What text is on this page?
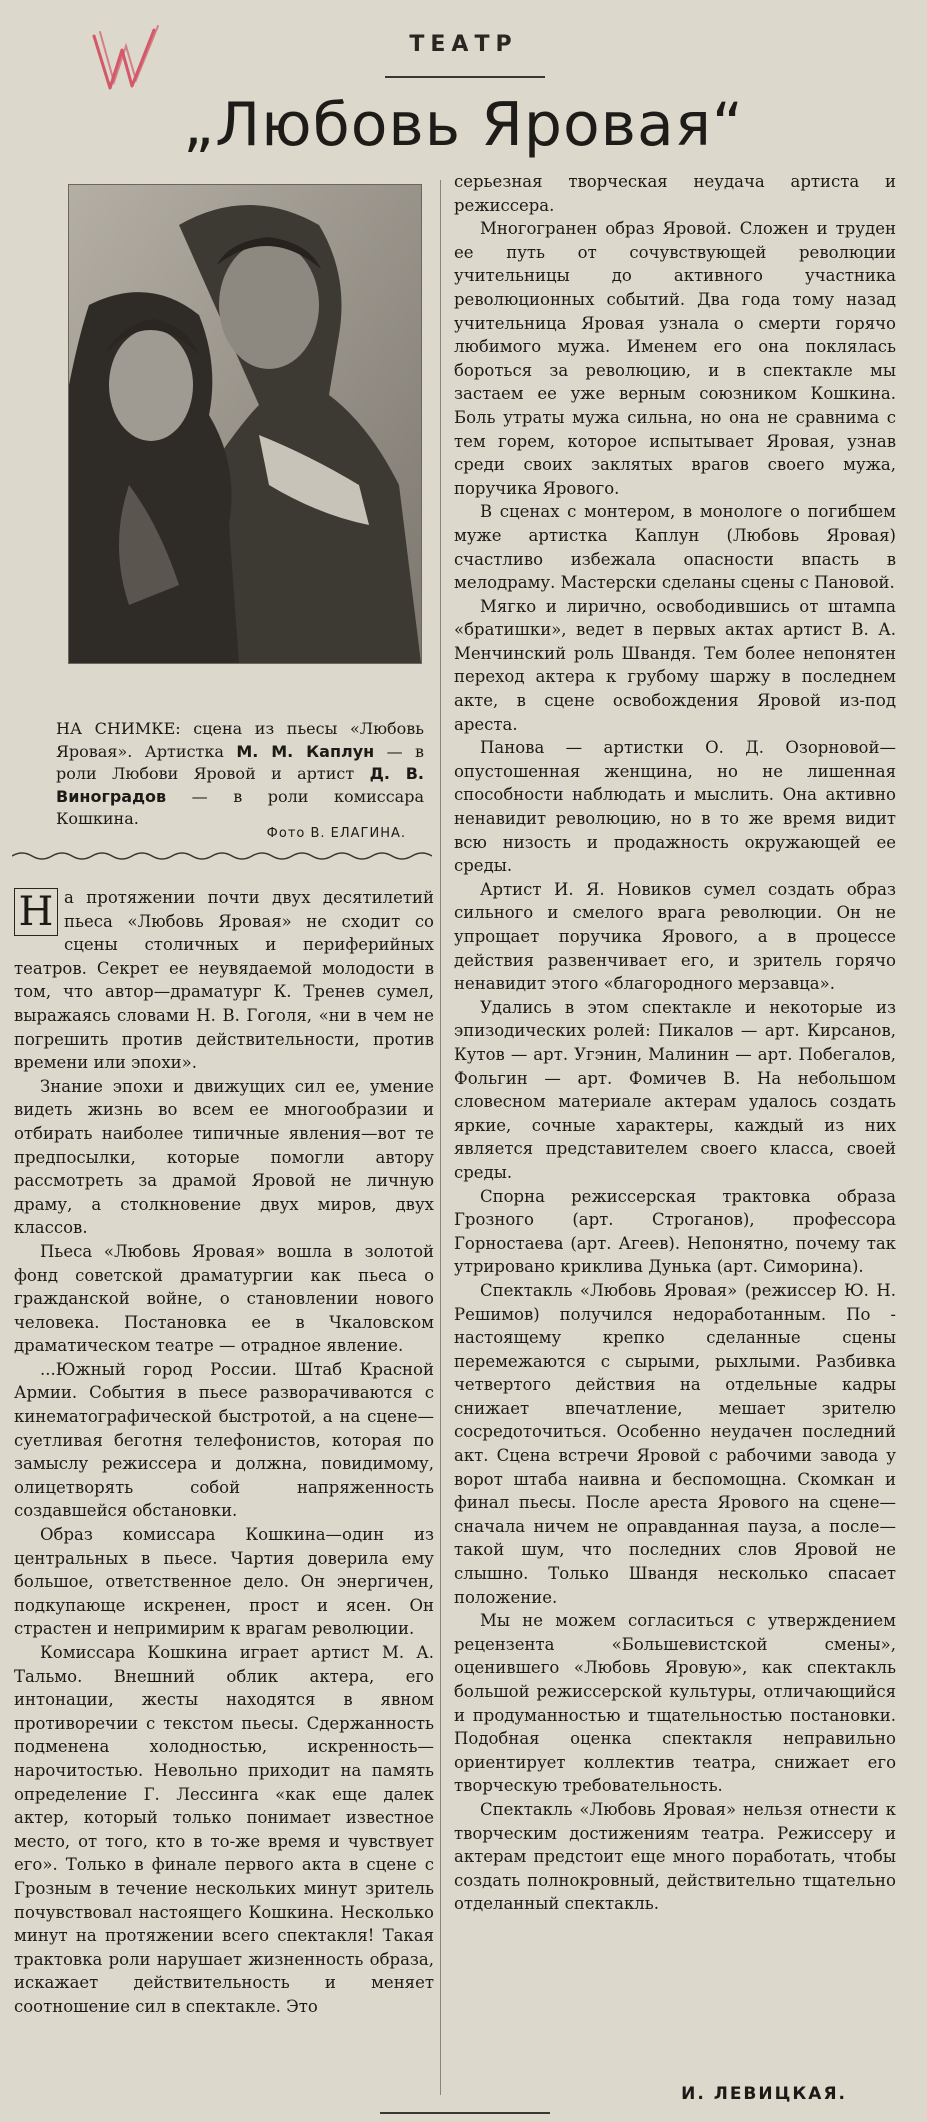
ТЕАТР
„Любовь Яровая“
НА СНИМКЕ: сцена из пьесы «Любовь Яровая». Артистка М. М. Каплун — в роли Любови Яровой и артист Д. В. Виноградов — в роли комиссара Кошкина.
Фото В. ЕЛАГИНА.

Н а протяжении почти двух десятилетий пьеса «Любовь Яровая» не сходит со сцены столичных и периферийных театров. Секрет ее неувядаемой молодости в том, что автор—драматург К. Тренев сумел, выражаясь словами Н. В. Гоголя, «ни в чем не погрешить против действительности, против времени или эпохи».

Знание эпохи и движущих сил ее, умение видеть жизнь во всем ее многообразии и отбирать наиболее типичные явления—вот те предпосылки, которые помогли автору рассмотреть за драмой Яровой не личную драму, а столкновение двух миров, двух классов.

Пьеса «Любовь Яровая» вошла в золотой фонд советской драматургии как пьеса о гражданской войне, о становлении нового человека. Постановка ее в Чкаловском драматическом театре — отрадное явление.

...Южный город России. Штаб Красной Армии. События в пьесе разворачиваются с кинематографической быстротой, а на сцене—суетливая беготня телефонистов, которая по замыслу режиссера и должна, повидимому, олицетворять собой напряженность создавшейся обстановки.

Образ комиссара Кошкина—один из центральных в пьесе. Чартия доверила ему большое, ответственное дело. Он энергичен, подкупающе искренен, прост и ясен. Он страстен и непримирим к врагам революции.

Комиссара Кошкина играет артист М. А. Тальмо. Внешний облик актера, его интонации, жесты находятся в явном противоречии с текстом пьесы. Сдержанность подменена холодностью, искренность—нарочитостью. Невольно приходит на память определение Г. Лессинга «как еще далек актер, который только понимает известное место, от того, кто в то-же время и чувствует его». Только в финале первого акта в сцене с Грозным в течение нескольких минут зритель почувствовал настоящего Кошкина. Несколько минут на протяжении всего спектакля! Такая трактовка роли нарушает жизненность образа, искажает действительность и меняет соотношение сил в спектакле. Это

серьезная творческая неудача артиста и режиссера.

Многогранен образ Яровой. Сложен и труден ее путь от сочувствующей революции учительницы до активного участника революционных событий. Два года тому назад учительница Яровая узнала о смерти горячо любимого мужа. Именем его она поклялась бороться за революцию, и в спектакле мы застаем ее уже верным союзником Кошкина. Боль утраты мужа сильна, но она не сравнима с тем горем, которое испытывает Яровая, узнав среди своих заклятых врагов своего мужа, поручика Ярового.

В сценах с монтером, в монологе о погибшем муже артистка Каплун (Любовь Яровая) счастливо избежала опасности впасть в мелодраму. Мастерски сделаны сцены с Пановой.

Мягко и лирично, освободившись от штампа «братишки», ведет в первых актах артист В. А. Менчинский роль Швандя. Тем более непонятен переход актера к грубому шаржу в последнем акте, в сцене освобождения Яровой из-под ареста.

Панова — артистки О. Д. Озорновой—опустошенная женщина, но не лишенная способности наблюдать и мыслить. Она активно ненавидит революцию, но в то же время видит всю низость и продажность окружающей ее среды.

Артист И. Я. Новиков сумел создать образ сильного и смелого врага революции. Он не упрощает поручика Ярового, а в процессе действия развенчивает его, и зритель горячо ненавидит этого «благородного мерзавца».

Удались в этом спектакле и некоторые из эпизодических ролей: Пикалов — арт. Кирсанов, Кутов — арт. Угэнин, Малинин — арт. Побегалов, Фольгин — арт. Фомичев В. На небольшом словесном материале актерам удалось создать яркие, сочные характеры, каждый из них является представителем своего класса, своей среды.

Спорна режиссерская трактовка образа Грозного (арт. Строганов), профессора Горностаева (арт. Агеев). Непонятно, почему так утрировано криклива Дунька (арт. Симорина).

Спектакль «Любовь Яровая» (режиссер Ю. Н. Решимов) получился недоработанным. По - настоящему крепко сделанные сцены перемежаются с сырыми, рыхлыми. Разбивка четвертого действия на отдельные кадры снижает впечатление, мешает зрителю сосредоточиться. Особенно неудачен последний акт. Сцена встречи Яровой с рабочими завода у ворот штаба наивна и беспомощна. Скомкан и финал пьесы. После ареста Ярового на сцене—сначала ничем не оправданная пауза, а после—такой шум, что последних слов Яровой не слышно. Только Швандя несколько спасает положение.

Мы не можем согласиться с утверждением рецензента «Большевистской смены», оценившего «Любовь Яровую», как спектакль большой режиссерской культуры, отличающийся и продуманностью и тщательностью постановки. Подобная оценка спектакля неправильно ориентирует коллектив театра, снижает его творческую требовательность.

Спектакль «Любовь Яровая» нельзя отнести к творческим достижениям театра. Режиссеру и актерам предстоит еще много поработать, чтобы создать полнокровный, действительно тщательно отделанный спектакль.

И. ЛЕВИЦКАЯ.
